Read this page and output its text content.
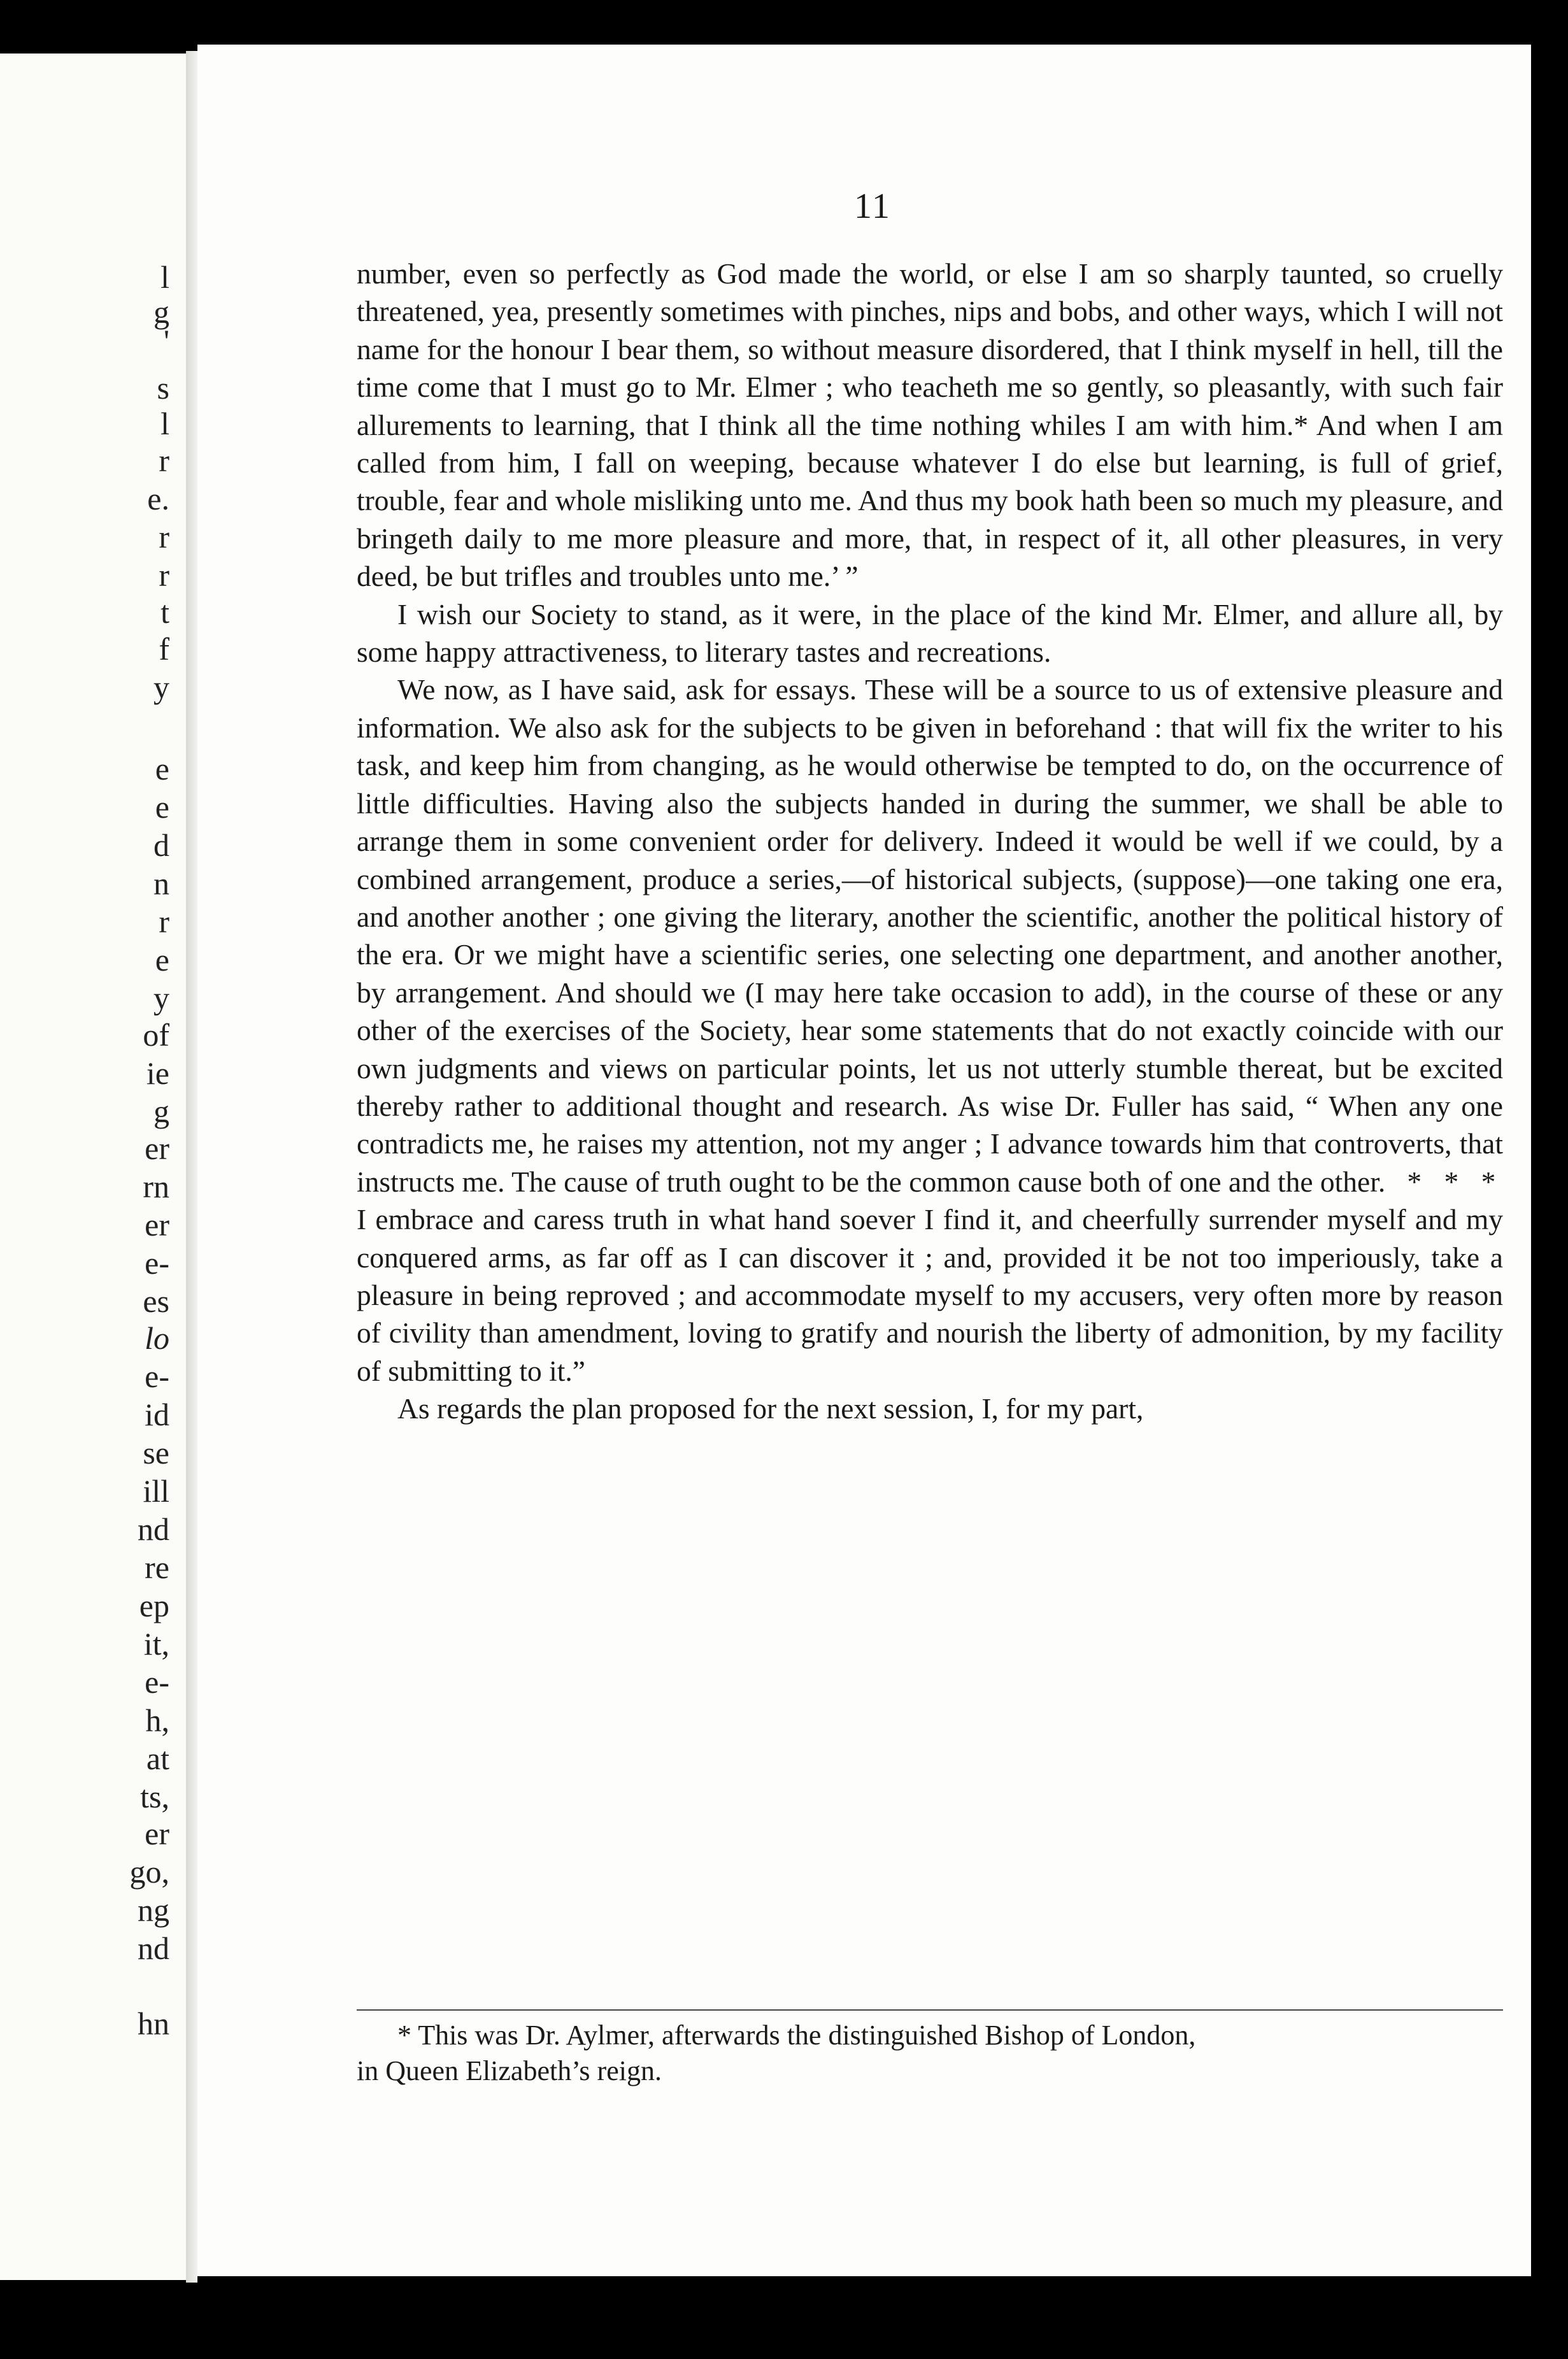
l
g
'
s
l
r
e.
r
r
t
f
y
e
e
d
n
r
e
y
of
ie
g
er
rn
er
e-
es
lo
e-
id
se
ill
nd
re
ep
it,
e-
h,
at
ts,
er
go,
ng
nd
hn
11

number, even so perfectly as God made the world, or else I am so sharply taunted, so cruelly threatened, yea, presently sometimes with pinches, nips and bobs, and other ways, which I will not name for the honour I bear them, so without measure disordered, that I think myself in hell, till the time come that I must go to Mr. Elmer ; who teacheth me so gently, so pleasantly, with such fair allurements to learning, that I think all the time nothing whiles I am with him.* And when I am called from him, I fall on weeping, because whatever I do else but learning, is full of grief, trouble, fear and whole misliking unto me. And thus my book hath been so much my pleasure, and bringeth daily to me more pleasure and more, that, in respect of it, all other pleasures, in very deed, be but trifles and troubles unto me.’ ”

I wish our Society to stand, as it were, in the place of the kind Mr. Elmer, and allure all, by some happy attractiveness, to literary tastes and recreations.

We now, as I have said, ask for essays. These will be a source to us of extensive pleasure and information. We also ask for the subjects to be given in beforehand : that will fix the writer to his task, and keep him from changing, as he would otherwise be tempted to do, on the occurrence of little difficulties. Having also the subjects handed in during the summer, we shall be able to arrange them in some convenient order for delivery. Indeed it would be well if we could, by a combined arrangement, produce a series,—of historical subjects, (suppose)—one taking one era, and another another ; one giving the literary, another the scientific, another the political history of the era. Or we might have a scientific series, one selecting one department, and another another, by arrangement. And should we (I may here take occasion to add), in the course of these or any other of the exercises of the Society, hear some statements that do not exactly coincide with our own judgments and views on particular points, let us not utterly stumble thereat, but be excited thereby rather to additional thought and research. As wise Dr. Fuller has said, “ When any one contradicts me, he raises my attention, not my anger ; I advance towards him that controverts, that instructs me. The cause of truth ought to be the common cause both of one and the other. * * *

I embrace and caress truth in what hand soever I find it, and cheerfully surrender myself and my conquered arms, as far off as I can discover it ; and, provided it be not too imperiously, take a pleasure in being reproved ; and accommodate myself to my accusers, very often more by reason of civility than amendment, loving to gratify and nourish the liberty of admonition, by my facility of submitting to it.”

As regards the plan proposed for the next session, I, for my part,

* This was Dr. Aylmer, afterwards the distinguished Bishop of London,
in Queen Elizabeth’s reign.
